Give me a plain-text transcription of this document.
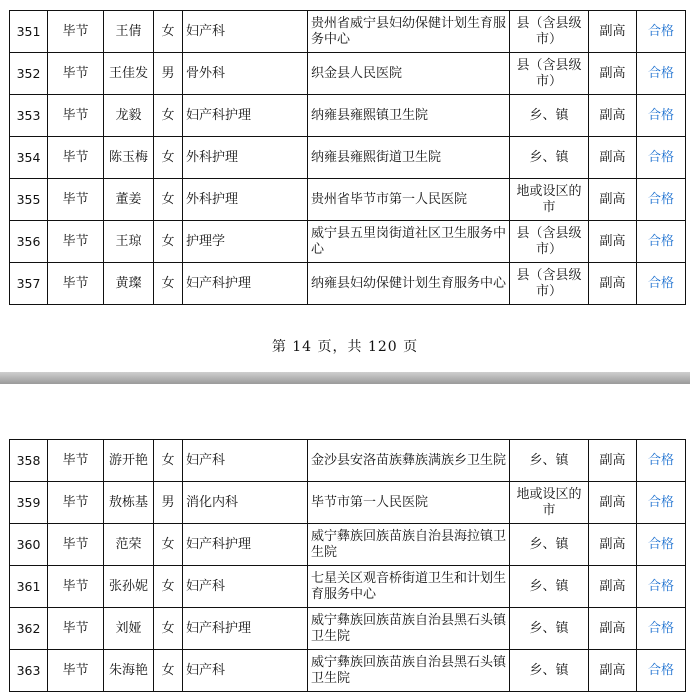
351	毕节	王倩	女	妇产科	贵州省威宁县妇幼保健计划生育服务中心	县（含县级市）	副高	合格
352	毕节	王佳发	男	骨外科	织金县人民医院	县（含县级市）	副高	合格
353	毕节	龙毅	女	妇产科护理	纳雍县雍熙镇卫生院	乡、镇	副高	合格
354	毕节	陈玉梅	女	外科护理	纳雍县雍熙街道卫生院	乡、镇	副高	合格
355	毕节	董姜	女	外科护理	贵州省毕节市第一人民医院	地或设区的市	副高	合格
356	毕节	王琼	女	护理学	威宁县五里岗街道社区卫生服务中心	县（含县级市）	副高	合格
357	毕节	黄璨	女	妇产科护理	纳雍县妇幼保健计划生育服务中心	县（含县级市）	副高	合格
第 14 页，共 120 页
358	毕节	游开艳	女	妇产科	金沙县安洛苗族彝族满族乡卫生院	乡、镇	副高	合格
359	毕节	敖栋基	男	消化内科	毕节市第一人民医院	地或设区的市	副高	合格
360	毕节	范荣	女	妇产科护理	威宁彝族回族苗族自治县海拉镇卫生院	乡、镇	副高	合格
361	毕节	张孙妮	女	妇产科	七星关区观音桥街道卫生和计划生育服务中心	乡、镇	副高	合格
362	毕节	刘娅	女	妇产科护理	威宁彝族回族苗族自治县黑石头镇卫生院	乡、镇	副高	合格
363	毕节	朱海艳	女	妇产科	威宁彝族回族苗族自治县黑石头镇卫生院	乡、镇	副高	合格
